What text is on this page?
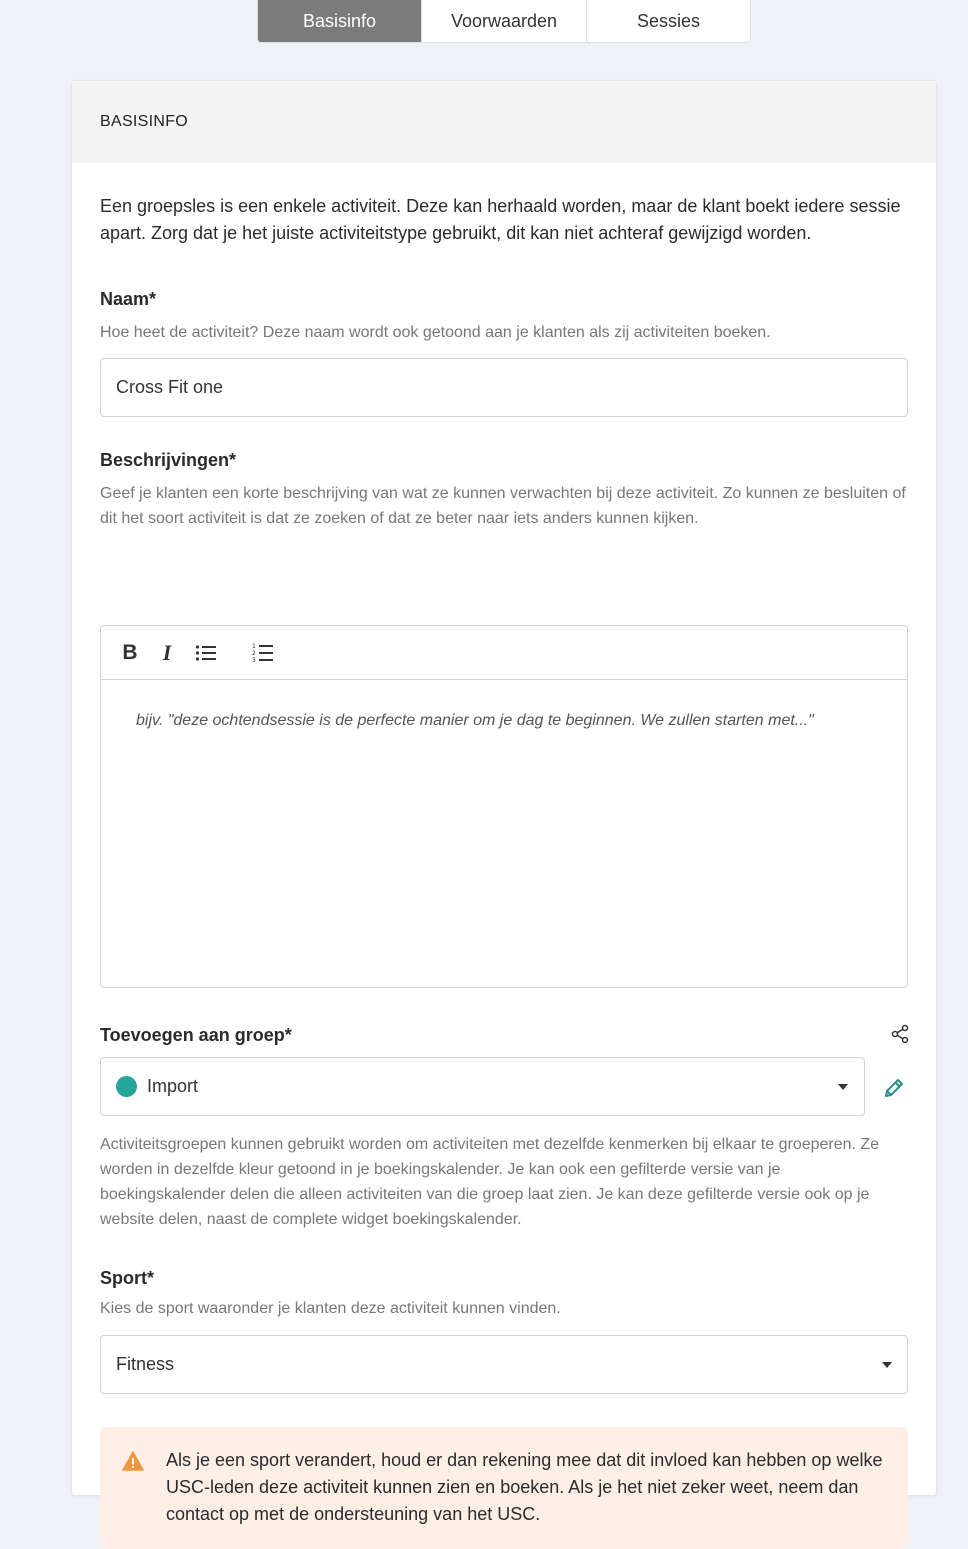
Basisinfo	Voorwaarden	Sessies
BASISINFO

Een groepsles is een enkele activiteit. Deze kan herhaald worden, maar de klant boekt iedere sessie apart. Zorg dat je het juiste activiteitstype gebruikt, dit kan niet achteraf gewijzigd worden.

Naam*
Hoe heet de activiteit? Deze naam wordt ook getoond aan je klanten als zij activiteiten boeken.
Cross Fit one
Beschrijvingen*
Geef je klanten een korte beschrijving van wat ze kunnen verwachten bij deze activiteit. Zo kunnen ze besluiten of dit het soort activiteit is dat ze zoeken of dat ze beter naar iets anders kunnen kijken.
B	I	1
2
3
bijv. "deze ochtendsessie is de perfecte manier om je dag te beginnen. We zullen starten met..."
Toevoegen aan groep*
Import
Activiteitsgroepen kunnen gebruikt worden om activiteiten met dezelfde kenmerken bij elkaar te groeperen. Ze worden in dezelfde kleur getoond in je boekingskalender. Je kan ook een gefilterde versie van je boekingskalender delen die alleen activiteiten van die groep laat zien. Je kan deze gefilterde versie ook op je website delen, naast de complete widget boekingskalender.
Sport*
Kies de sport waaronder je klanten deze activiteit kunnen vinden.
Fitness

Als je een sport verandert, houd er dan rekening mee dat dit invloed kan hebben op welke USC-leden deze activiteit kunnen zien en boeken. Als je het niet zeker weet, neem dan contact op met de ondersteuning van het USC.
